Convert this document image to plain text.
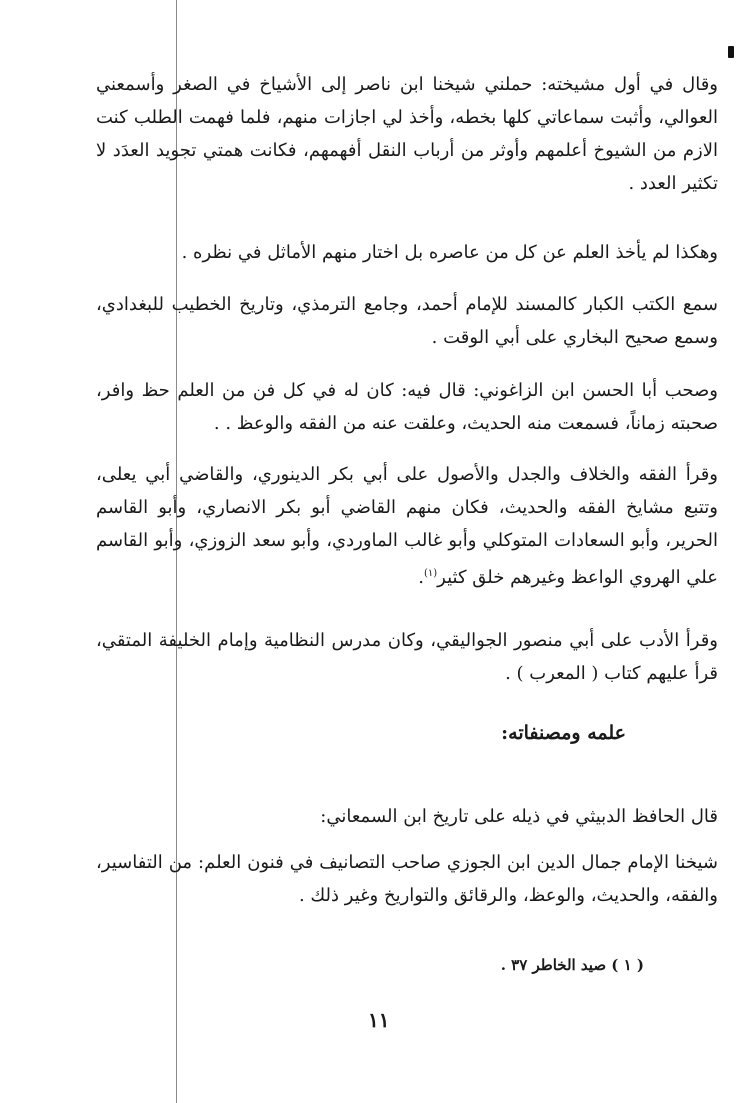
وقال في أول مشيخته: حملني شيخنا ابن ناصر إلى الأشياخ في الصغر وأسمعني العوالي، وأثبت سماعاتي كلها بخطه، وأخذ لي اجازات منهم، فلما فهمت الطلب كنت الازم من الشيوخ أعلمهم وأوثر من أرباب النقل أفهمهم، فكانت همتي تجويد العدَد لا تكثير العدد .

وهكذا لم يأخذ العلم عن كل من عاصره بل اختار منهم الأماثل في نظره .

سمع الكتب الكبار كالمسند للإمام أحمد، وجامع الترمذي، وتاريخ الخطيب للبغدادي، وسمع صحيح البخاري على أبي الوقت .

وصحب أبا الحسن ابن الزاغوني: قال فيه: كان له في كل فن من العلم حظ وافر، صحبته زماناً، فسمعت منه الحديث، وعلقت عنه من الفقه والوعظ . .

وقرأ الفقه والخلاف والجدل والأصول على أبي بكر الدينوري، والقاضي أبي يعلى، وتتبع مشايخ الفقه والحديث، فكان منهم القاضي أبو بكر الانصاري، وأبو القاسم الحرير، وأبو السعادات المتوكلي وأبو غالب الماوردي، وأبو سعد الزوزي، وأبو القاسم علي الهروي الواعظ وغيرهم خلق كثير$^{(١)}$.

وقرأ الأدب على أبي منصور الجواليقي، وكان مدرس النظامية وإمام الخليفة المتقي، قرأ عليهم كتاب ( المعرب ) .

علمه ومصنفاته:

قال الحافظ الدبيثي في ذيله على تاريخ ابن السمعاني:

شيخنا الإمام جمال الدين ابن الجوزي صاحب التصانيف في فنون العلم: من التفاسير، والفقه، والحديث، والوعظ، والرقائق والتواريخ وغير ذلك .

( ١ ) صيد الخاطر ٣٧ .

١١
